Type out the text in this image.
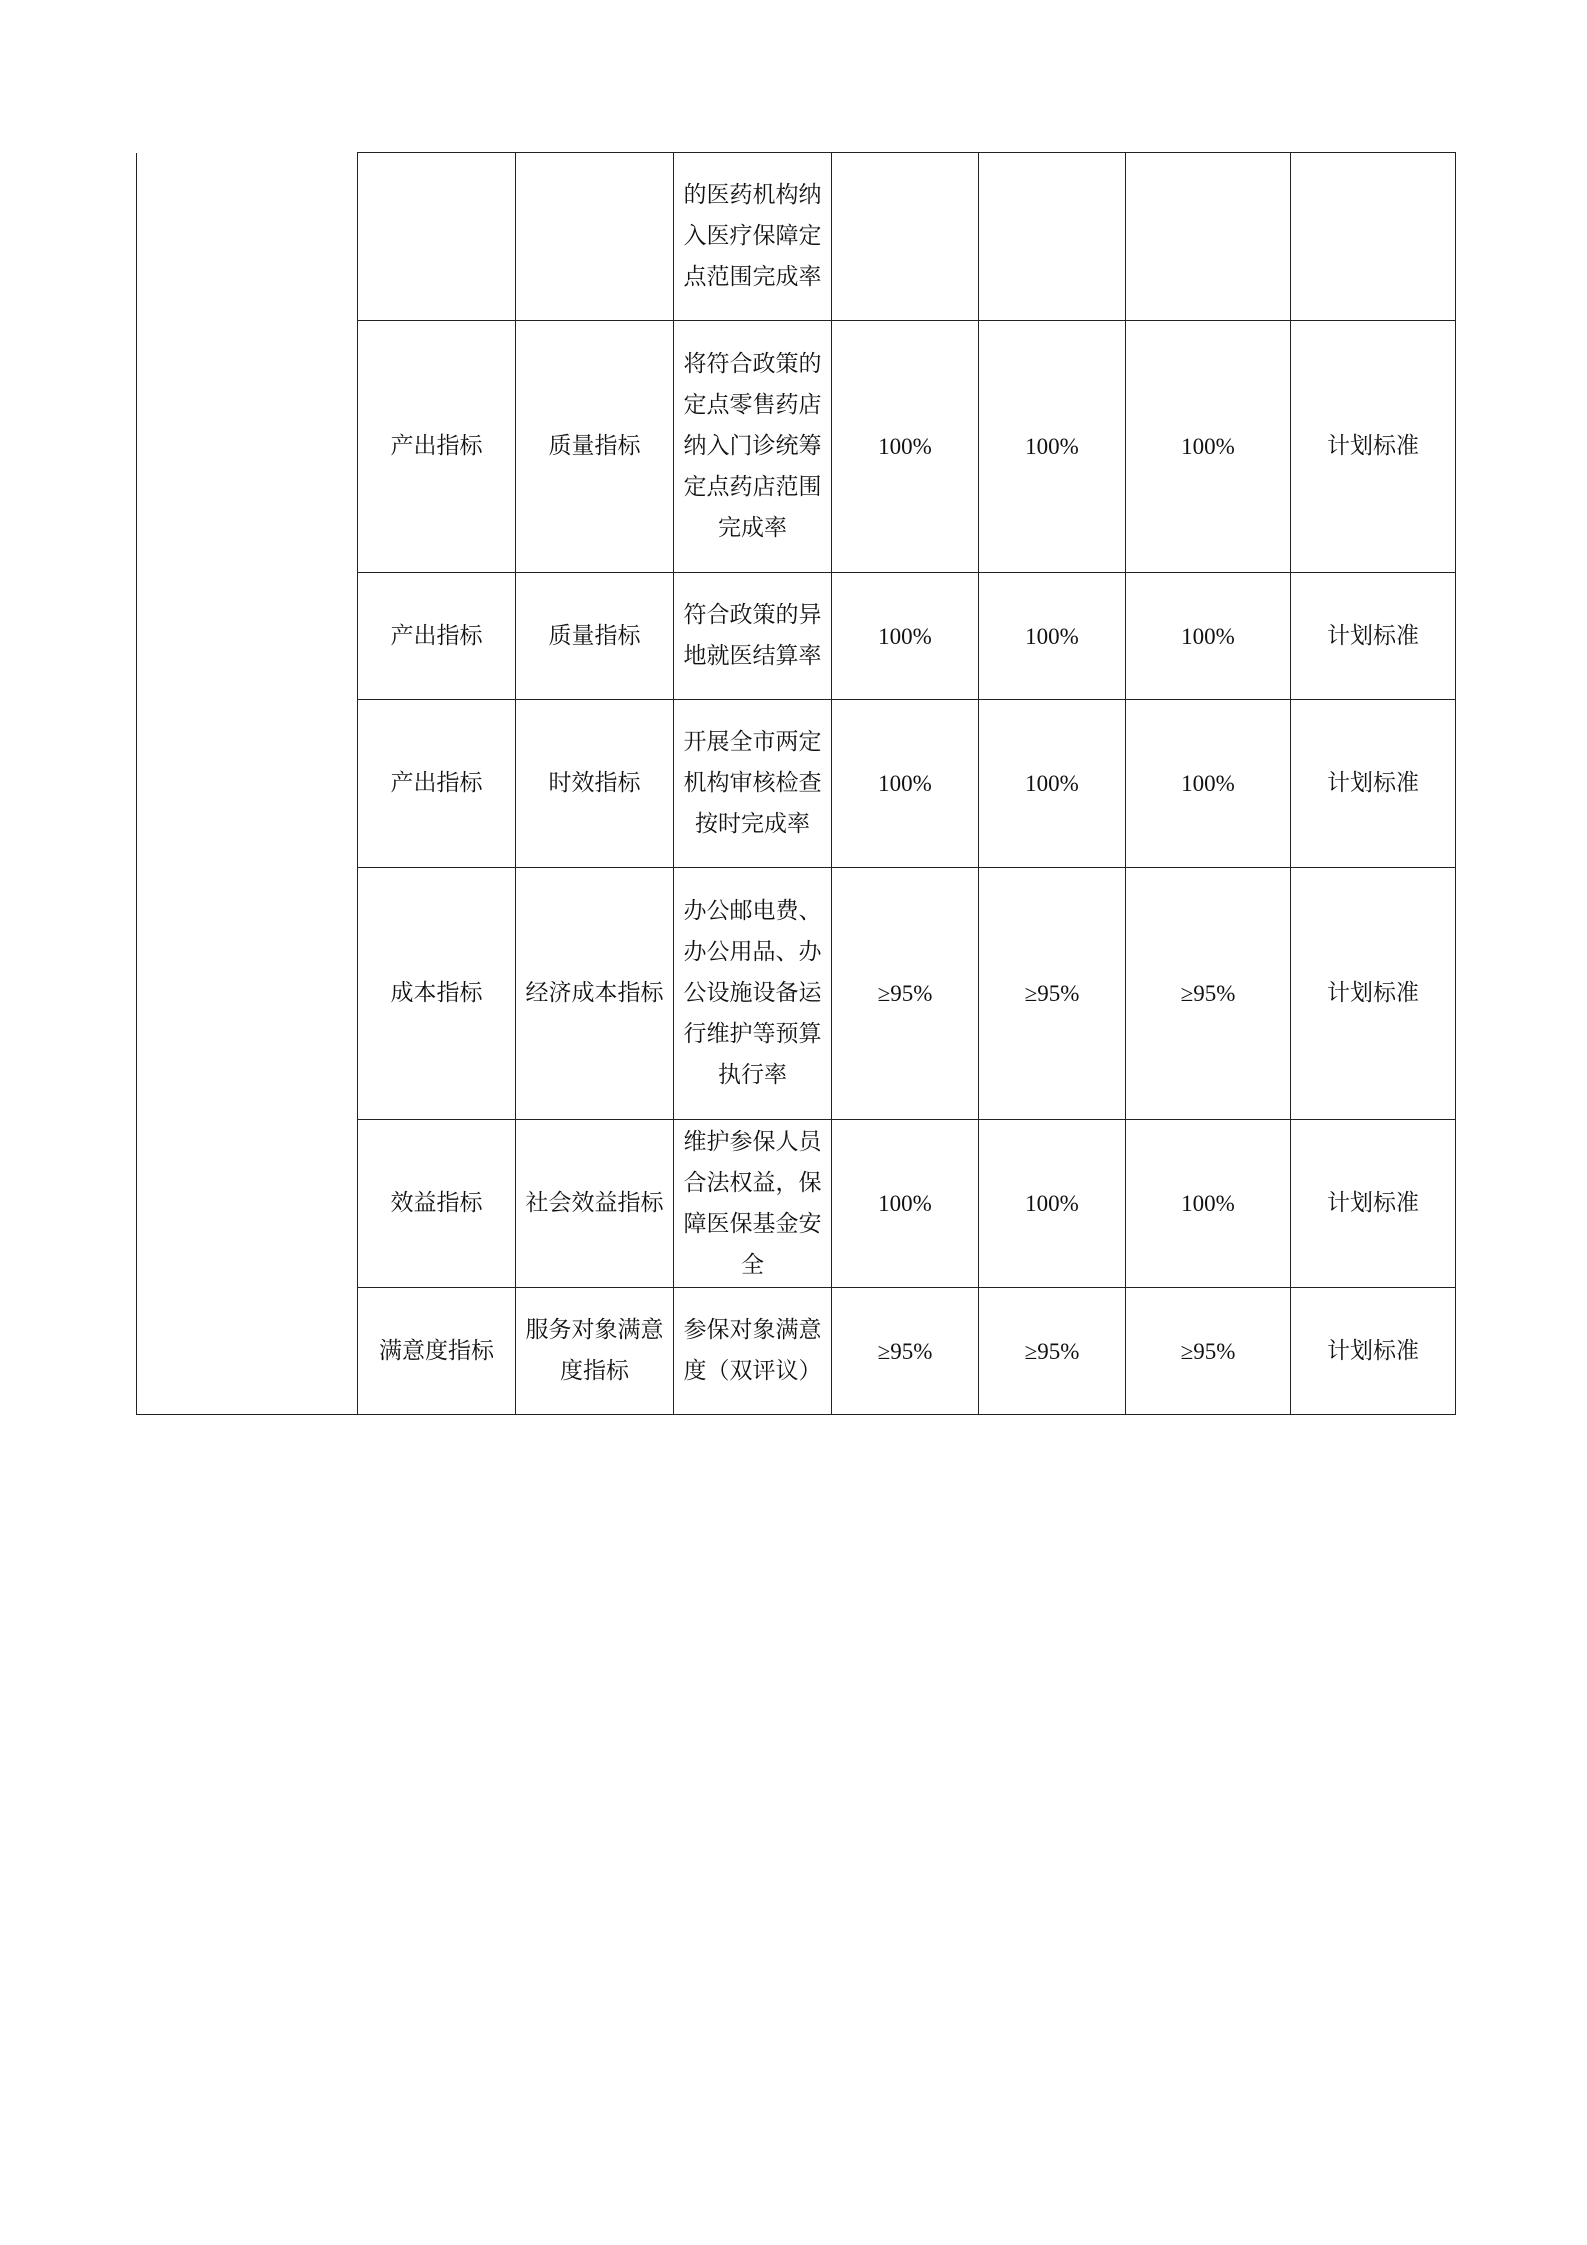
			的医药机构纳入医疗保障定点范围完成率				
	产出指标	质量指标	将符合政策的定点零售药店纳入门诊统筹定点药店范围完成率	100%	100%	100%	计划标准
	产出指标	质量指标	符合政策的异地就医结算率	100%	100%	100%	计划标准
	产出指标	时效指标	开展全市两定机构审核检查按时完成率	100%	100%	100%	计划标准
	成本指标	经济成本指标	办公邮电费、办公用品、办公设施设备运行维护等预算执行率	≥95%	≥95%	≥95%	计划标准
	效益指标	社会效益指标	维护参保人员合法权益，保障医保基金安全	100%	100%	100%	计划标准
	满意度指标	服务对象满意度指标	参保对象满意度（双评议）	≥95%	≥95%	≥95%	计划标准
